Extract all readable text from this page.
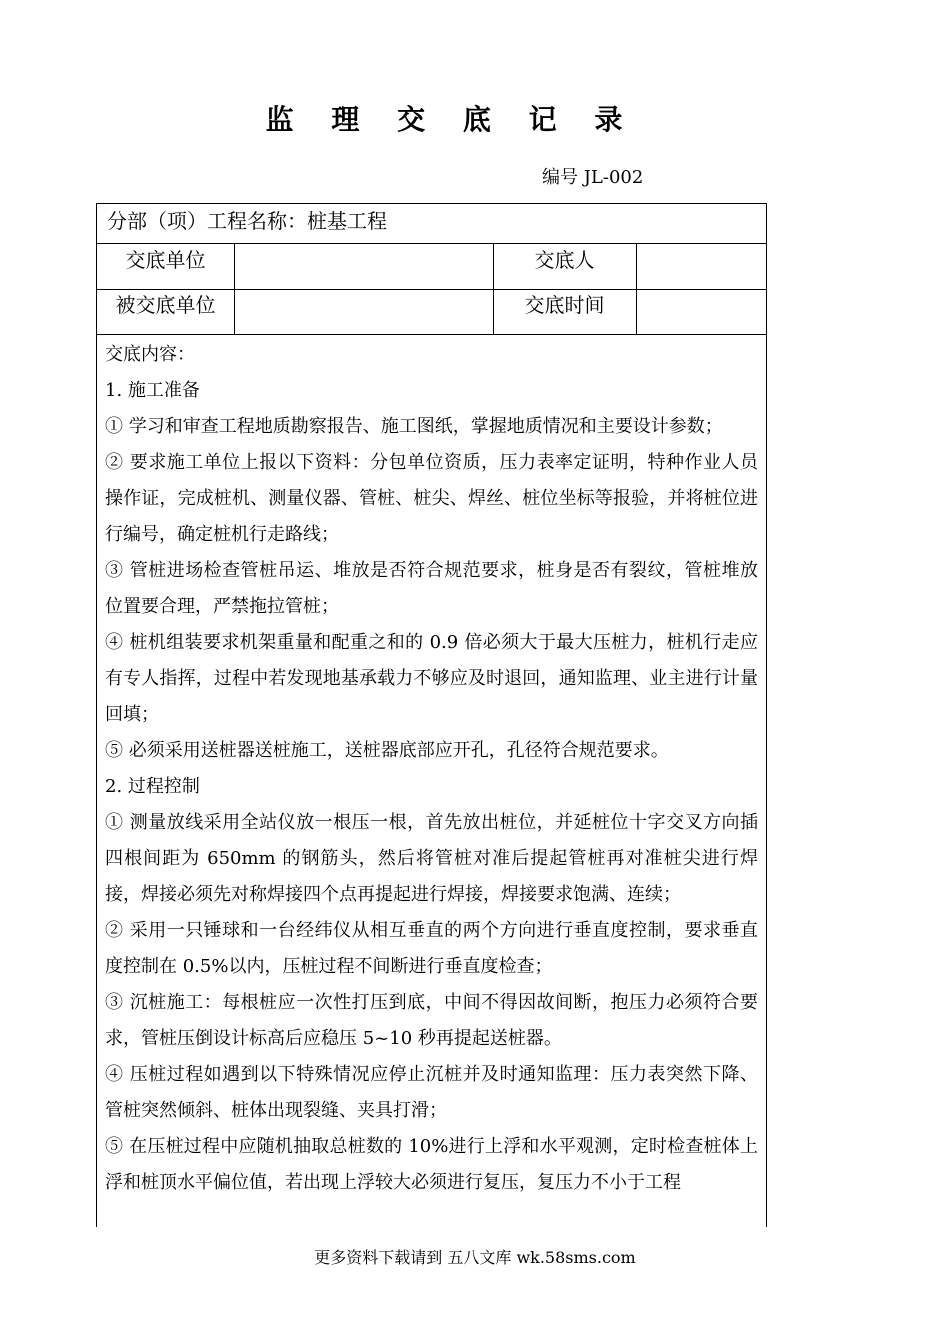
监 理 交 底 记 录
编号 JL-002
分部（项）工程名称：桩基工程
交底单位	交底人
被交底单位	交底时间

交底内容：

1. 施工准备

① 学习和审查工程地质勘察报告、施工图纸，掌握地质情况和主要设计参数；

② 要求施工单位上报以下资料：分包单位资质，压力表率定证明，特种作业人员操作证，完成桩机、测量仪器、管桩、桩尖、焊丝、桩位坐标等报验，并将桩位进行编号，确定桩机行走路线；

③ 管桩进场检查管桩吊运、堆放是否符合规范要求，桩身是否有裂纹，管桩堆放位置要合理，严禁拖拉管桩；

④ 桩机组装要求机架重量和配重之和的 0.9 倍必须大于最大压桩力，桩机行走应有专人指挥，过程中若发现地基承载力不够应及时退回，通知监理、业主进行计量回填；

⑤ 必须采用送桩器送桩施工，送桩器底部应开孔，孔径符合规范要求。

2. 过程控制

① 测量放线采用全站仪放一根压一根，首先放出桩位，并延桩位十字交叉方向插四根间距为 650mm 的钢筋头，然后将管桩对准后提起管桩再对准桩尖进行焊接，焊接必须先对称焊接四个点再提起进行焊接，焊接要求饱满、连续；

② 采用一只锤球和一台经纬仪从相互垂直的两个方向进行垂直度控制，要求垂直度控制在 0.5%以内，压桩过程不间断进行垂直度检查；

③ 沉桩施工：每根桩应一次性打压到底，中间不得因故间断，抱压力必须符合要求，管桩压倒设计标高后应稳压 5~10 秒再提起送桩器。

④ 压桩过程如遇到以下特殊情况应停止沉桩并及时通知监理：压力表突然下降、管桩突然倾斜、桩体出现裂缝、夹具打滑；

⑤ 在压桩过程中应随机抽取总桩数的 10%进行上浮和水平观测，定时检查桩体上浮和桩顶水平偏位值，若出现上浮较大必须进行复压，复压力不小于工程

更多资料下载请到 五八文库 wk.58sms.com
